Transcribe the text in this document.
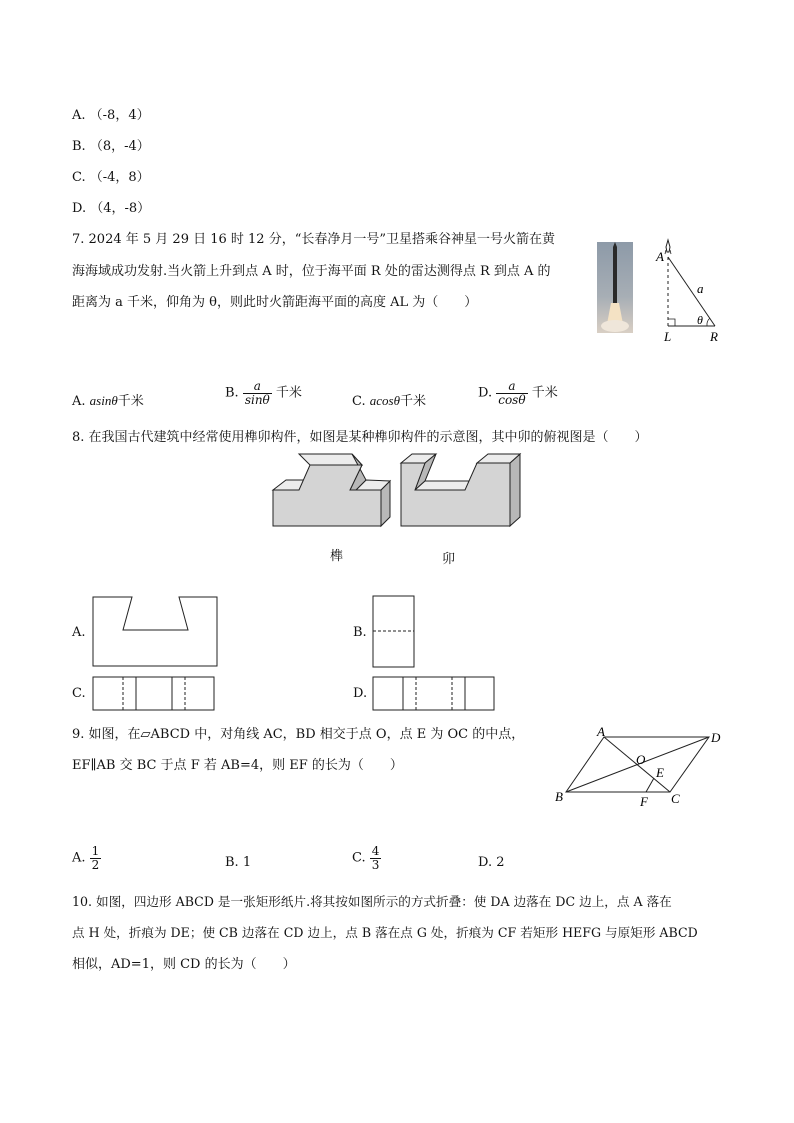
A. （-8，4）
B. （8，-4）
C. （-4，8）
D. （4，-8）
7. 2024 年 5 月 29 日 16 时 12 分，“长春净月一号”卫星搭乘谷神星一号火箭在黄
海海域成功发射.当火箭上升到点 A 时，位于海平面 R 处的雷达测得点 R 到点 A 的
距离为 a 千米，仰角为 θ，则此时火箭距海平面的高度 AL 为（　　）
A
a
θ
L	R
A. asinθ千米
B. $\frac{a}{\sin\theta}$ 千米
C. acosθ千米
D. $\frac{a}{\cos\theta}$ 千米
8. 在我国古代建筑中经常使用榫卯构件，如图是某种榫卯构件的示意图，其中卯的俯视图是（　　）
榫	卯
A.	B.
C.	D.
9. 如图，在▱ABCD 中，对角线 AC，BD 相交于点 O，点 E 为 OC 的中点，
EF∥AB 交 BC 于点 F 若 AB=4，则 EF 的长为（　　）
A	D
B	C
O
E
F
A. $\frac{1}{2}$	B. 1	C. $\frac{4}{3}$	D. 2
10. 如图，四边形 ABCD 是一张矩形纸片.将其按如图所示的方式折叠：使 DA 边落在 DC 边上，点 A 落在
点 H 处，折痕为 DE；使 CB 边落在 CD 边上，点 B 落在点 G 处，折痕为 CF 若矩形 HEFG 与原矩形 ABCD
相似，AD=1，则 CD 的长为（　　）
